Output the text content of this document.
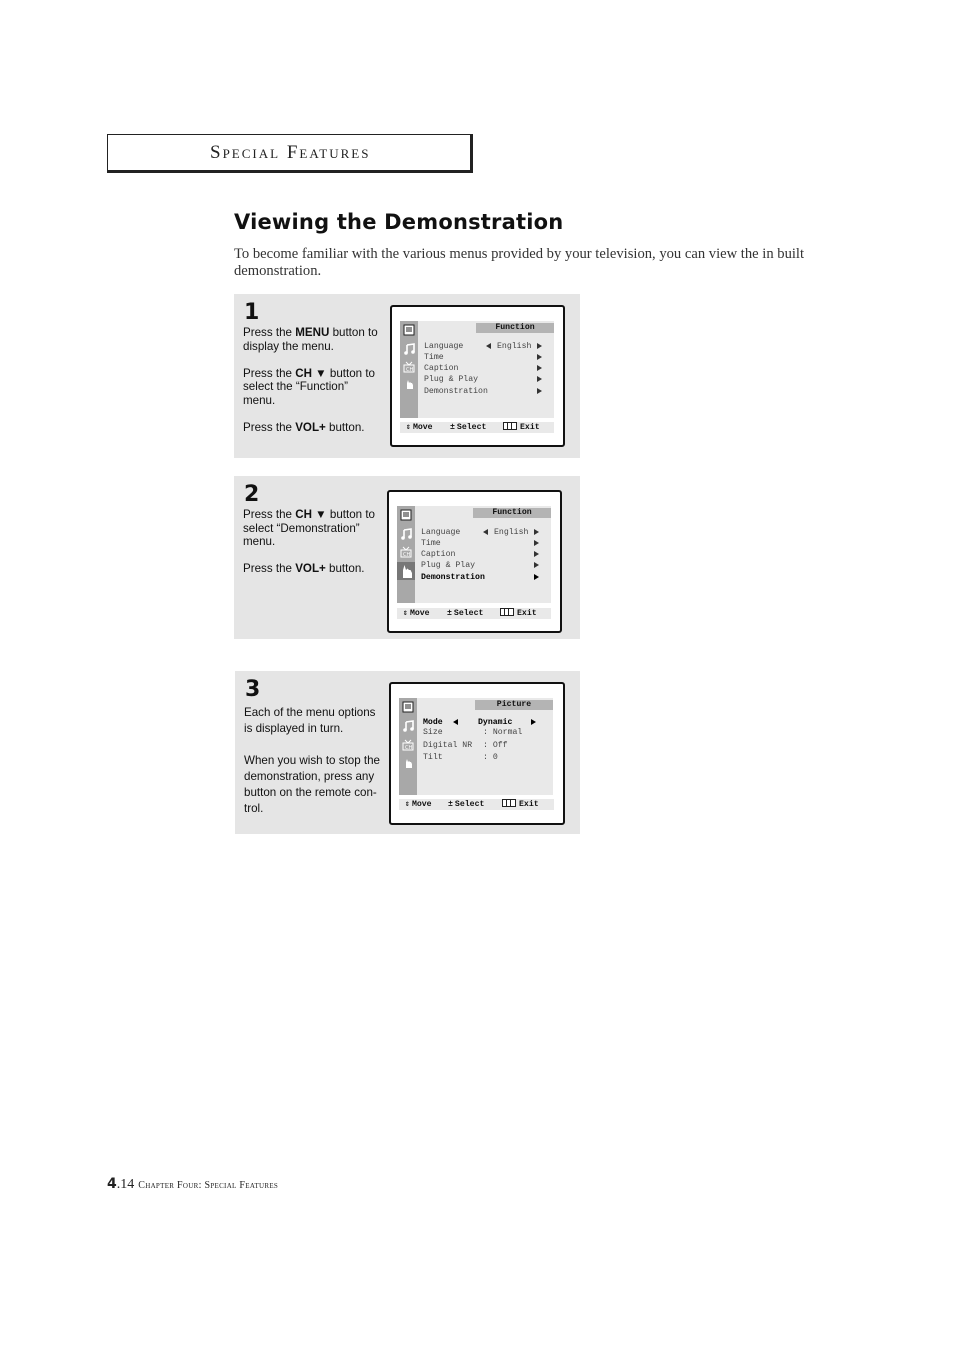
Special Features
Viewing the Demonstration

To become familiar with the various menus provided by your television, you can view the in built demonstration.

1

Press the MENU button to display the menu.

Press the CH ▼ button to select the “Function” menu.

Press the VOL+ button.

CH
Function
Language	English
Time
Caption
Plug & Play
Demonstration
⇕ Move ± Select	Exit
2

Press the CH ▼ button to select “Demonstration” menu.

Press the VOL+ button.

CH
Function
Language	English
Time
Caption
Plug & Play
Demonstration
⇕ Move ± Select	Exit
3

Each of the menu options is displayed in turn.

When you wish to stop the demonstration, press any button on the remote con-trol.

CH
Picture
Mode	Dynamic
Size	: Normal
Digital NR : Off
Tilt	: 0
⇕ Move ± Select	Exit
4.14 Chapter Four: Special Features
